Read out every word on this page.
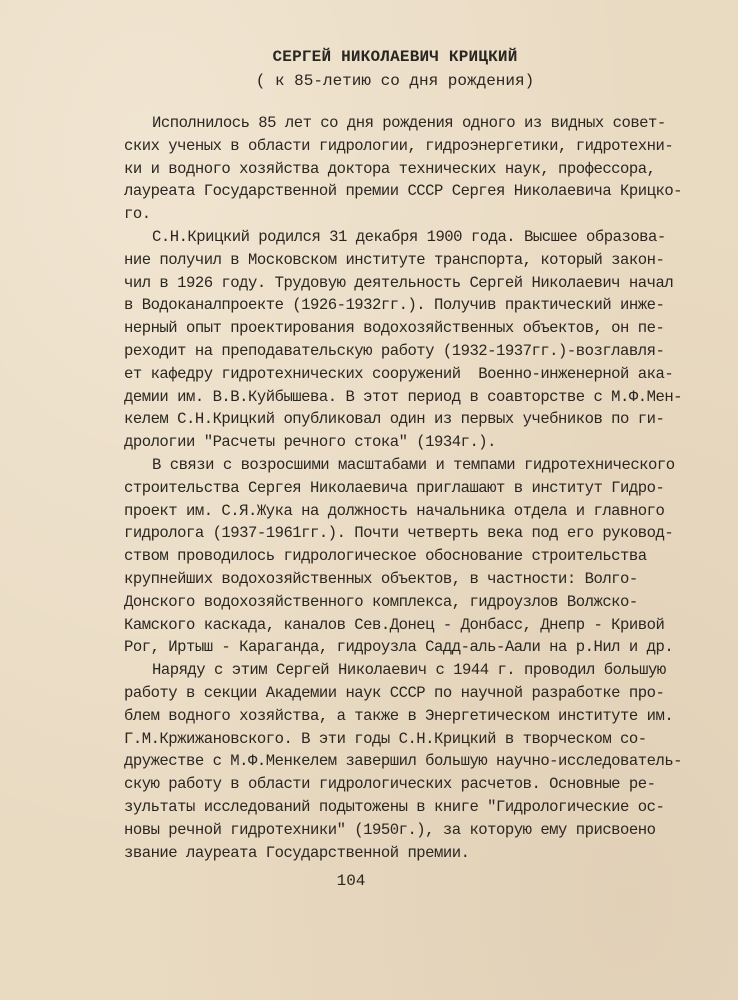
СЕРГЕЙ НИКОЛАЕВИЧ КРИЦКИЙ
( к 85-летию со дня рождения)
Исполнилось 85 лет со дня рождения одного из видных совет-
ских ученых в области гидрологии, гидроэнергетики, гидротехни-
ки и водного хозяйства доктора технических наук, профессора,
лауреата Государственной премии СССР Сергея Николаевича Крицко-
го.
С.Н.Крицкий родился 31 декабря 1900 года. Высшее образова-
ние получил в Московском институте транспорта, который закон-
чил в 1926 году. Трудовую деятельность Сергей Николаевич начал
в Водоканалпроекте (1926-1932гг.). Получив практический инже-
нерный опыт проектирования водохозяйственных объектов, он пе-
реходит на преподавательскую работу (1932-1937гг.)-возглавля-
ет кафедру гидротехнических сооружений  Военно-инженерной ака-
демии им. В.В.Куйбышева. В этот период в соавторстве с М.Ф.Мен-
келем С.Н.Крицкий опубликовал один из первых учебников по ги-
дрологии "Расчеты речного стока" (1934г.).
В связи с возросшими масштабами и темпами гидротехнического
строительства Сергея Николаевича приглашают в институт Гидро-
проект им. С.Я.Жука на должность начальника отдела и главного
гидролога (1937-1961гг.). Почти четверть века под его руковод-
ством проводилось гидрологическое обоснование строительства
крупнейших водохозяйственных объектов, в частности: Волго-
Донского водохозяйственного комплекса, гидроузлов Волжско-
Камского каскада, каналов Сев.Донец - Донбасс, Днепр - Кривой
Рог, Иртыш - Караганда, гидроузла Садд-аль-Аали на р.Нил и др.
Наряду с этим Сергей Николаевич с 1944 г. проводил большую
работу в секции Академии наук СССР по научной разработке про-
блем водного хозяйства, а также в Энергетическом институте им.
Г.М.Кржижановского. В эти годы С.Н.Крицкий в творческом со-
дружестве с М.Ф.Менкелем завершил большую научно-исследователь-
скую работу в области гидрологических расчетов. Основные ре-
зультаты исследований подытожены в книге "Гидрологические ос-
новы речной гидротехники" (1950г.), за которую ему присвоено
звание лауреата Государственной премии.
104
